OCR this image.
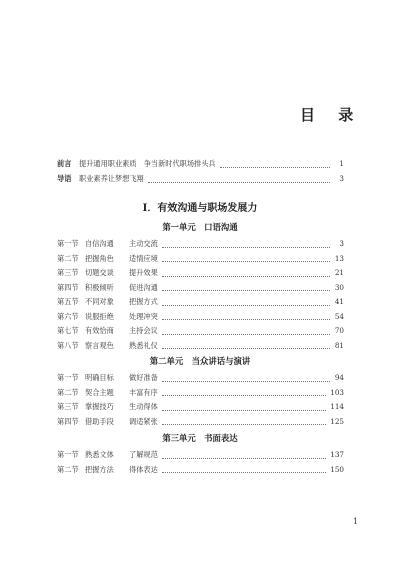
目 录
前言	提升通用职业素质　争当新时代职场排头兵	1
导语	职业素养让梦想飞翔	3
Ⅰ．有效沟通与职场发展力
第一单元　口语沟通
第一节 自信沟通	主动交流	3
第二节 把握角色	适情应境	13
第三节 切题交谈	提升效果	21
第四节 积极倾听	促进沟通	30
第五节 不同对象	把握方式	41
第六节 说服拒绝	处理冲突	54
第七节 有效恰商	主持会议	70
第八节 察言观色	熟悉礼仪	81
第二单元　当众讲话与演讲
第一节 明确目标	做好准备	94
第二节 契合主题	丰富有序	103
第三节 掌握技巧	生动得体	114
第四节 借助手段	调适紧张	125
第三单元　书面表达
第一节 熟悉文体	了解规范	137
第二节 把握方法	得体表达	150
1
